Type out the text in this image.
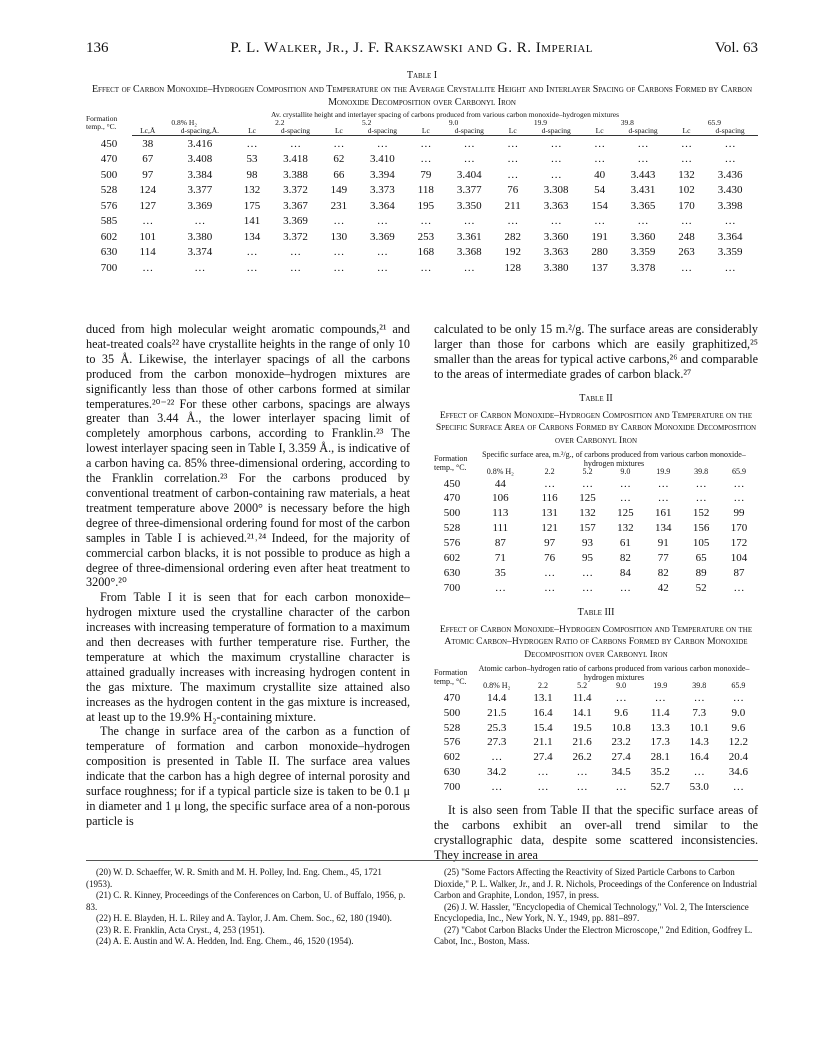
136	P. L. Walker, Jr., J. F. Rakszawski and G. R. Imperial	Vol. 63
Table I
Effect of Carbon Monoxide–Hydrogen Composition and Temperature on the Average Crystallite Height and Interlayer Spacing of Carbons Formed by Carbon Monoxide Decomposition over Carbonyl Iron
Formation temp., °C.	Av. crystallite height and interlayer spacing of carbons produced from various carbon monoxide–hydrogen mixtures													
	0.8% H₂		2.2		5.2		9.0		19.9		39.8		65.9	
	Lc,Å	d-spacing,Å.	Lc	d-spacing	Lc	d-spacing	Lc	d-spacing	Lc	d-spacing	Lc	d-spacing	Lc	d-spacing
450	38	3.416	…	…	…	…	…	…	…	…	…	…	…	…
470	67	3.408	53	3.418	62	3.410	…	…	…	…	…	…	…	…
500	97	3.384	98	3.388	66	3.394	79	3.404	…	…	40	3.443	132	3.436
528	124	3.377	132	3.372	149	3.373	118	3.377	76	3.308	54	3.431	102	3.430
576	127	3.369	175	3.367	231	3.364	195	3.350	211	3.363	154	3.365	170	3.398
585	…	…	141	3.369	…	…	…	…	…	…	…	…	…	…
602	101	3.380	134	3.372	130	3.369	253	3.361	282	3.360	191	3.360	248	3.364
630	114	3.374	…	…	…	…	168	3.368	192	3.363	280	3.359	263	3.359
700	…	…	…	…	…	…	…	…	128	3.380	137	3.378	…	…

duced from high molecular weight aromatic compounds,²¹ and heat-treated coals²² have crystallite heights in the range of only 10 to 35 Å. Likewise, the interlayer spacings of all the carbons produced from the carbon monoxide–hydrogen mixtures are significantly less than those of other carbons formed at similar temperatures.²⁰⁻²² For these other carbons, spacings are always greater than 3.44 Å., the lower interlayer spacing limit of completely amorphous carbons, according to Franklin.²³ The lowest interlayer spacing seen in Table I, 3.359 Å., is indicative of a carbon having ca. 85% three-dimensional ordering, according to the Franklin correlation.²³ For the carbons produced by conventional treatment of carbon-containing raw materials, a heat treatment temperature above 2000° is necessary before the high degree of three-dimensional ordering found for most of the carbon samples in Table I is achieved.²¹˒²⁴ Indeed, for the majority of commercial carbon blacks, it is not possible to produce as high a degree of three-dimensional ordering even after heat treatment to 3200°.²⁰

From Table I it is seen that for each carbon monoxide–hydrogen mixture used the crystalline character of the carbon increases with increasing temperature of formation to a maximum and then decreases with further temperature rise. Further, the temperature at which the maximum crystalline character is attained gradually increases with increasing hydrogen content in the gas mixture. The maximum crystallite size attained also increases as the hydrogen content in the gas mixture is increased, at least up to the 19.9% H₂-containing mixture.

The change in surface area of the carbon as a function of temperature of formation and carbon monoxide–hydrogen composition is presented in Table II. The surface area values indicate that the carbon has a high degree of internal porosity and surface roughness; for if a typical particle size is taken to be 0.1 μ in diameter and 1 μ long, the specific surface area of a non-porous particle is

calculated to be only 15 m.²/g. The surface areas are considerably larger than those for carbons which are easily graphitized,²⁵ smaller than the areas for typical active carbons,²⁶ and comparable to the areas of intermediate grades of carbon black.²⁷

Table II
Effect of Carbon Monoxide–Hydrogen Composition and Temperature on the Specific Surface Area of Carbons Formed by Carbon Monoxide Decomposition over Carbonyl Iron
Formation temp., °C.	Specific surface area, m.²/g., of carbons produced from various carbon monoxide–hydrogen mixtures						
	0.8% H₂	2.2	5.2	9.0	19.9	39.8	65.9
450	44	…	…	…	…	…	…
470	106	116	125	…	…	…	…
500	113	131	132	125	161	152	99
528	111	121	157	132	134	156	170
576	87	97	93	61	91	105	172
602	71	76	95	82	77	65	104
630	35	…	…	84	82	89	87
700	…	…	…	…	42	52	…
Table III
Effect of Carbon Monoxide–Hydrogen Composition and Temperature on the Atomic Carbon–Hydrogen Ratio of Carbons Formed by Carbon Monoxide Decomposition over Carbonyl Iron
Formation temp., °C.	Atomic carbon–hydrogen ratio of carbons produced from various carbon monoxide–hydrogen mixtures						
	0.8% H₂	2.2	5.2	9.0	19.9	39.8	65.9
470	14.4	13.1	11.4	…	…	…	…
500	21.5	16.4	14.1	9.6	11.4	7.3	9.0
528	25.3	15.4	19.5	10.8	13.3	10.1	9.6
576	27.3	21.1	21.6	23.2	17.3	14.3	12.2
602	…	27.4	26.2	27.4	28.1	16.4	20.4
630	34.2	…	…	34.5	35.2	…	34.6
700	…	…	…	…	52.7	53.0	…

It is also seen from Table II that the specific surface areas of the carbons exhibit an over-all trend similar to the crystallographic data, despite some scattered inconsistencies. They increase in area

(20) W. D. Schaeffer, W. R. Smith and M. H. Polley, Ind. Eng. Chem., 45, 1721 (1953).
(21) C. R. Kinney, Proceedings of the Conferences on Carbon, U. of Buffalo, 1956, p. 83.
(22) H. E. Blayden, H. L. Riley and A. Taylor, J. Am. Chem. Soc., 62, 180 (1940).
(23) R. E. Franklin, Acta Cryst., 4, 253 (1951).
(24) A. E. Austin and W. A. Hedden, Ind. Eng. Chem., 46, 1520 (1954).
(25) "Some Factors Affecting the Reactivity of Sized Particle Carbons to Carbon Dioxide," P. L. Walker, Jr., and J. R. Nichols, Proceedings of the Conference on Industrial Carbon and Graphite, London, 1957, in press.
(26) J. W. Hassler, "Encyclopedia of Chemical Technology," Vol. 2, The Interscience Encyclopedia, Inc., New York, N. Y., 1949, pp. 881–897.
(27) "Cabot Carbon Blacks Under the Electron Microscope," 2nd Edition, Godfrey L. Cabot, Inc., Boston, Mass.
